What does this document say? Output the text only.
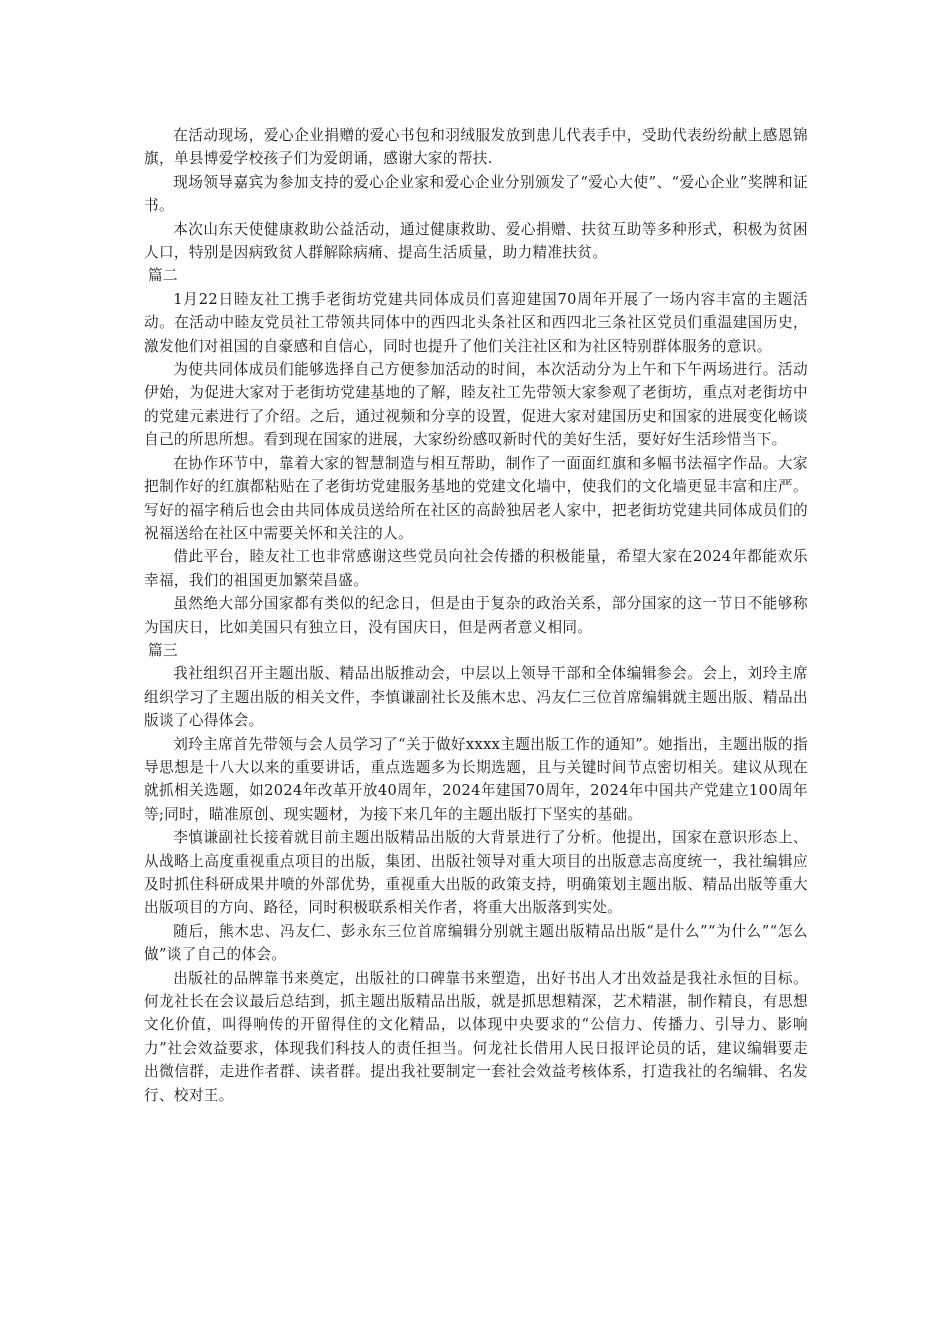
在活动现场，爱心企业捐赠的爱心书包和羽绒服发放到患儿代表手中，受助代表纷纷献上感恩锦旗，单县博爱学校孩子们为爱朗诵，感谢大家的帮扶.

现场领导嘉宾为参加支持的爱心企业家和爱心企业分别颁发了“爱心大使”、“爱心企业”奖牌和证书。

本次山东天使健康救助公益活动，通过健康救助、爱心捐赠、扶贫互助等多种形式，积极为贫困人口，特别是因病致贫人群解除病痛、提高生活质量，助力精准扶贫。

篇二

1月22日睦友社工携手老街坊党建共同体成员们喜迎建国70周年开展了一场内容丰富的主题活动。在活动中睦友党员社工带领共同体中的西四北头条社区和西四北三条社区党员们重温建国历史，激发他们对祖国的自豪感和自信心，同时也提升了他们关注社区和为社区特别群体服务的意识。

为使共同体成员们能够选择自己方便参加活动的时间，本次活动分为上午和下午两场进行。活动伊始，为促进大家对于老街坊党建基地的了解，睦友社工先带领大家参观了老街坊，重点对老街坊中的党建元素进行了介绍。之后，通过视频和分享的设置，促进大家对建国历史和国家的进展变化畅谈自己的所思所想。看到现在国家的进展，大家纷纷感叹新时代的美好生活，要好好生活珍惜当下。

在协作环节中，靠着大家的智慧制造与相互帮助，制作了一面面红旗和多幅书法福字作品。大家把制作好的红旗都粘贴在了老街坊党建服务基地的党建文化墙中，使我们的文化墙更显丰富和庄严。写好的福字稍后也会由共同体成员送给所在社区的高龄独居老人家中，把老街坊党建共同体成员们的祝福送给在社区中需要关怀和关注的人。

借此平台，睦友社工也非常感谢这些党员向社会传播的积极能量，希望大家在2024年都能欢乐幸福，我们的祖国更加繁荣昌盛。

虽然绝大部分国家都有类似的纪念日，但是由于复杂的政治关系，部分国家的这一节日不能够称为国庆日，比如美国只有独立日，没有国庆日，但是两者意义相同。

篇三

我社组织召开主题出版、精品出版推动会，中层以上领导干部和全体编辑参会。会上，刘玲主席组织学习了主题出版的相关文件，李慎谦副社长及熊木忠、冯友仁三位首席编辑就主题出版、精品出版谈了心得体会。

刘玲主席首先带领与会人员学习了“关于做好xxxx主题出版工作的通知”。她指出，主题出版的指导思想是十八大以来的重要讲话，重点选题多为长期选题，且与关键时间节点密切相关。建议从现在就抓相关选题，如2024年改革开放40周年，2024年建国70周年，2024年中国共产党建立100周年等;同时，瞄准原创、现实题材，为接下来几年的主题出版打下坚实的基础。

李慎谦副社长接着就目前主题出版精品出版的大背景进行了分析。他提出，国家在意识形态上、从战略上高度重视重点项目的出版，集团、出版社领导对重大项目的出版意志高度统一，我社编辑应及时抓住科研成果井喷的外部优势，重视重大出版的政策支持，明确策划主题出版、精品出版等重大出版项目的方向、路径，同时积极联系相关作者，将重大出版落到实处。

随后，熊木忠、冯友仁、彭永东三位首席编辑分别就主题出版精品出版“是什么”“为什么”“怎么做”谈了自己的体会。

出版社的品牌靠书来奠定，出版社的口碑靠书来塑造，出好书出人才出效益是我社永恒的目标。何龙社长在会议最后总结到，抓主题出版精品出版，就是抓思想精深，艺术精湛，制作精良，有思想文化价值，叫得响传的开留得住的文化精品，以体现中央要求的“公信力、传播力、引导力、影响力”社会效益要求，体现我们科技人的责任担当。何龙社长借用人民日报评论员的话，建议编辑要走出微信群，走进作者群、读者群。提出我社要制定一套社会效益考核体系，打造我社的名编辑、名发行、校对王。
